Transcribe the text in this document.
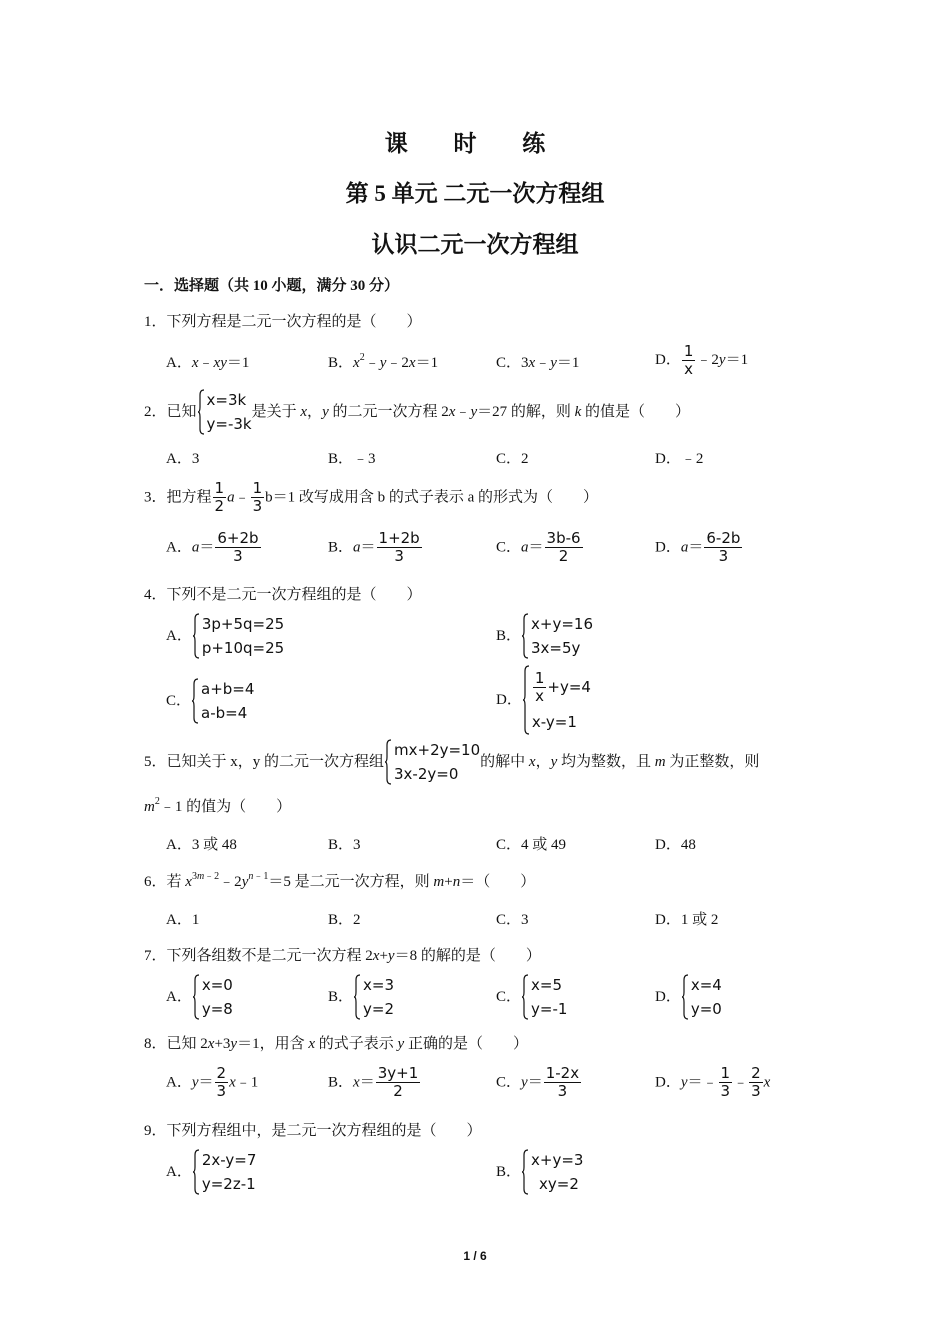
课 时 练
第 5 单元 二元一次方程组
认识二元一次方程组
一．选择题（共 10 小题，满分 30 分）
1．下列方程是二元一次方程的是（　　）
A．x﹣xy＝1	B．$x^2﹣y﹣2x=1$	C．3x﹣y＝1	D． $\frac{1}{x}$ ﹣2y＝1
2．已知
x=3k
y=-3k
是关于 x，y 的二元一次方程 2x﹣y＝27 的解，则 k 的值是（　　）
A．3	B．﹣3	C．2	D．﹣2
3．把方程 $\frac{1}{2}$ a﹣ $\frac{1}{3} b=1$ 改写成用含 b 的式子表示 a 的形式为（　　）
A．$a= \frac{6+2b}{3}$	B．$a= \frac{1+2b}{3}$	C．$a= \frac{3b-6}{2}$	D．$a= \frac{6-2b}{3}$
4．下列不是二元一次方程组的是（　　）
A．
3p+5q=25
p+10q=25
B．
x+y=16
3x=5y
C．
a+b=4
a-b=4
D． $\frac{1}{x} +y=4$
x-y=1
5．已知关于 x，y 的二元一次方程组
mx+2y=10
3x-2y=0
的解中 x，y 均为整数，且 m 为正整数，则
$m^2﹣1$ 的值为（　　）
A．3 或 48	B．3	C．4 或 49	D．48
6．若 $x^{3m﹣2}﹣2y^{n﹣1}=5$ 是二元一次方程，则 m+n＝（　　）
A．1	B．2	C．3	D．1 或 2
7．下列各组数不是二元一次方程 2x+y＝8 的解的是（　　）
A．
x=0
y=8
B．
x=3
y=2
C．
x=5
y=-1
D．
x=4
y=0
8．已知 2x+3y＝1，用含 x 的式子表示 y 正确的是（　　）
A．$y= \frac{2}{3}$ x﹣1	B．$x= \frac{3y+1}{2}$	C．$y= \frac{1-2x}{3}$	D．y＝﹣ $\frac{1}{3}$ ﹣ $\frac{2}{3}$ x
9．下列方程组中，是二元一次方程组的是（　　）
A．
2x-y=7
y=2z-1
B．
x+y=3
xy=2
1 / 6
